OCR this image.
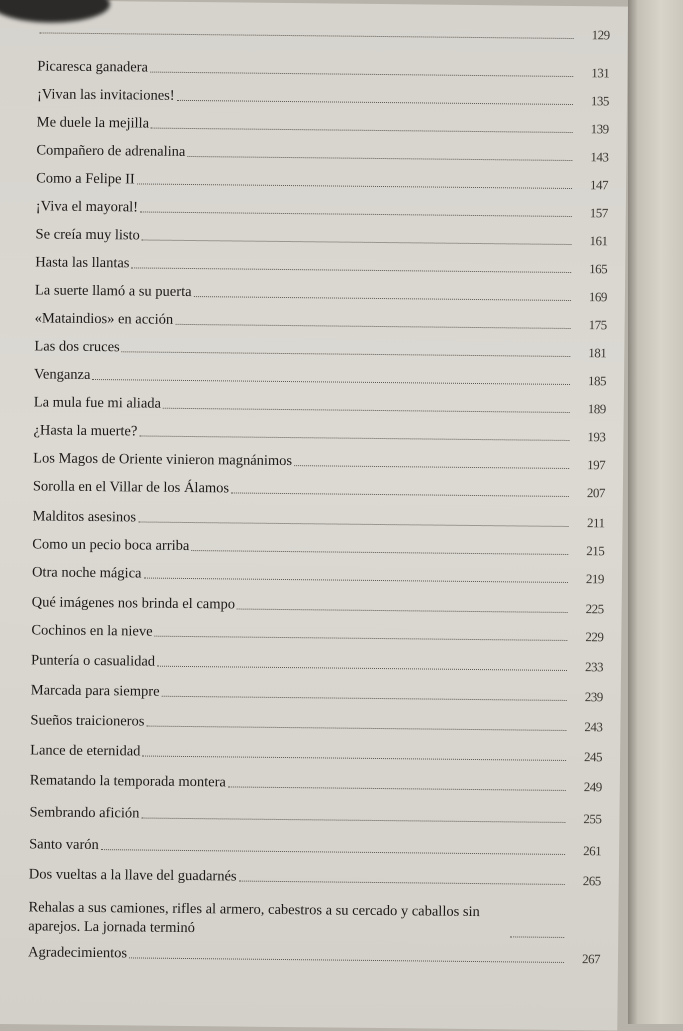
129
Picaresca ganadera	131
¡Vivan las invitaciones!	135
Me duele la mejilla	139
Compañero de adrenalina	143
Como a Felipe II	147
¡Viva el mayoral!	157
Se creía muy listo	161
Hasta las llantas	165
La suerte llamó a su puerta	169
«Mataindios» en acción	175
Las dos cruces	181
Venganza	185
La mula fue mi aliada	189
¿Hasta la muerte?	193
Los Magos de Oriente vinieron magnánimos	197
Sorolla en el Villar de los Álamos	207
Malditos asesinos	211
Como un pecio boca arriba	215
Otra noche mágica	219
Qué imágenes nos brinda el campo	225
Cochinos en la nieve	229
Puntería o casualidad	233
Marcada para siempre	239
Sueños traicioneros	243
Lance de eternidad	245
Rematando la temporada montera	249
Sembrando afición	255
Santo varón	261
Dos vueltas a la llave del guadarnés	265
Rehalas a sus camiones, rifles al armero, cabestros a su cercado y caballos sin aparejos. La jornada terminó
Agradecimientos	267
